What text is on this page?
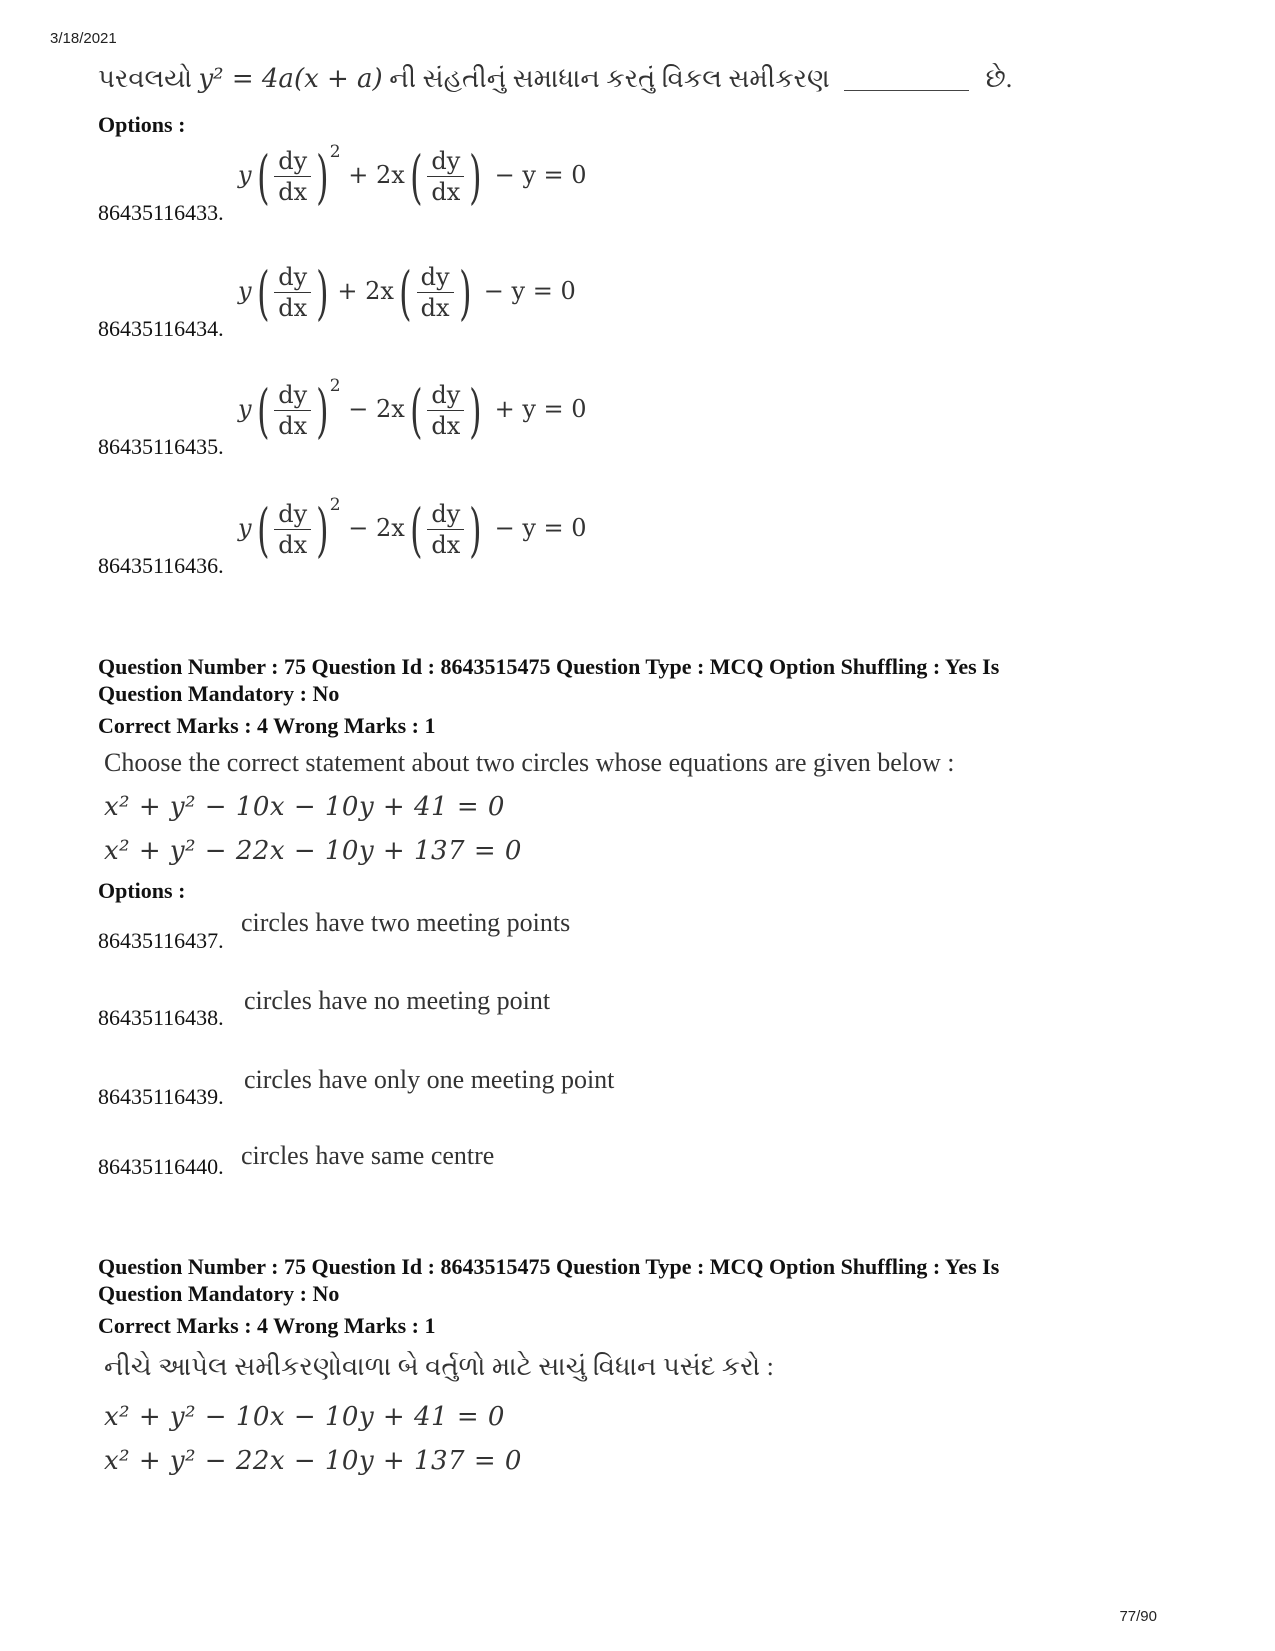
3/18/2021
77/90
પરવલયો y² = 4a(x + a) ની સંહતીનું સમાધાન કરતું વિકલ સમીકરણ	છે.
Options :
86435116433.
$y( \frac{dy}{dx} )^2 + 2x( \frac{dy}{dx}$ ) − y = 0
86435116434.
$y( \frac{dy}{dx}$ ) + $2x( \frac{dy}{dx}$ ) − y = 0
86435116435.
$y( \frac{dy}{dx} )^2 - 2x( \frac{dy}{dx}$ ) + y = 0
86435116436.
$y( \frac{dy}{dx} )^2 - 2x( \frac{dy}{dx}$ ) − y = 0
Question Number : 75 Question Id : 8643515475 Question Type : MCQ Option Shuffling : Yes Is
Question Mandatory : No
Correct Marks : 4 Wrong Marks : 1
Choose the correct statement about two circles whose equations are given below :
x² + y² − 10x − 10y + 41 = 0
x² + y² − 22x − 10y + 137 = 0
Options :
86435116437.
circles have two meeting points
86435116438.
circles have no meeting point
86435116439.
circles have only one meeting point
86435116440. circles have same centre
Question Number : 75 Question Id : 8643515475 Question Type : MCQ Option Shuffling : Yes Is
Question Mandatory : No
Correct Marks : 4 Wrong Marks : 1
નીચે આપેલ સમીકરણોવાળા બે વર્તુળો માટે સાચું વિધાન પસંદ કરો :
x² + y² − 10x − 10y + 41 = 0
x² + y² − 22x − 10y + 137 = 0
